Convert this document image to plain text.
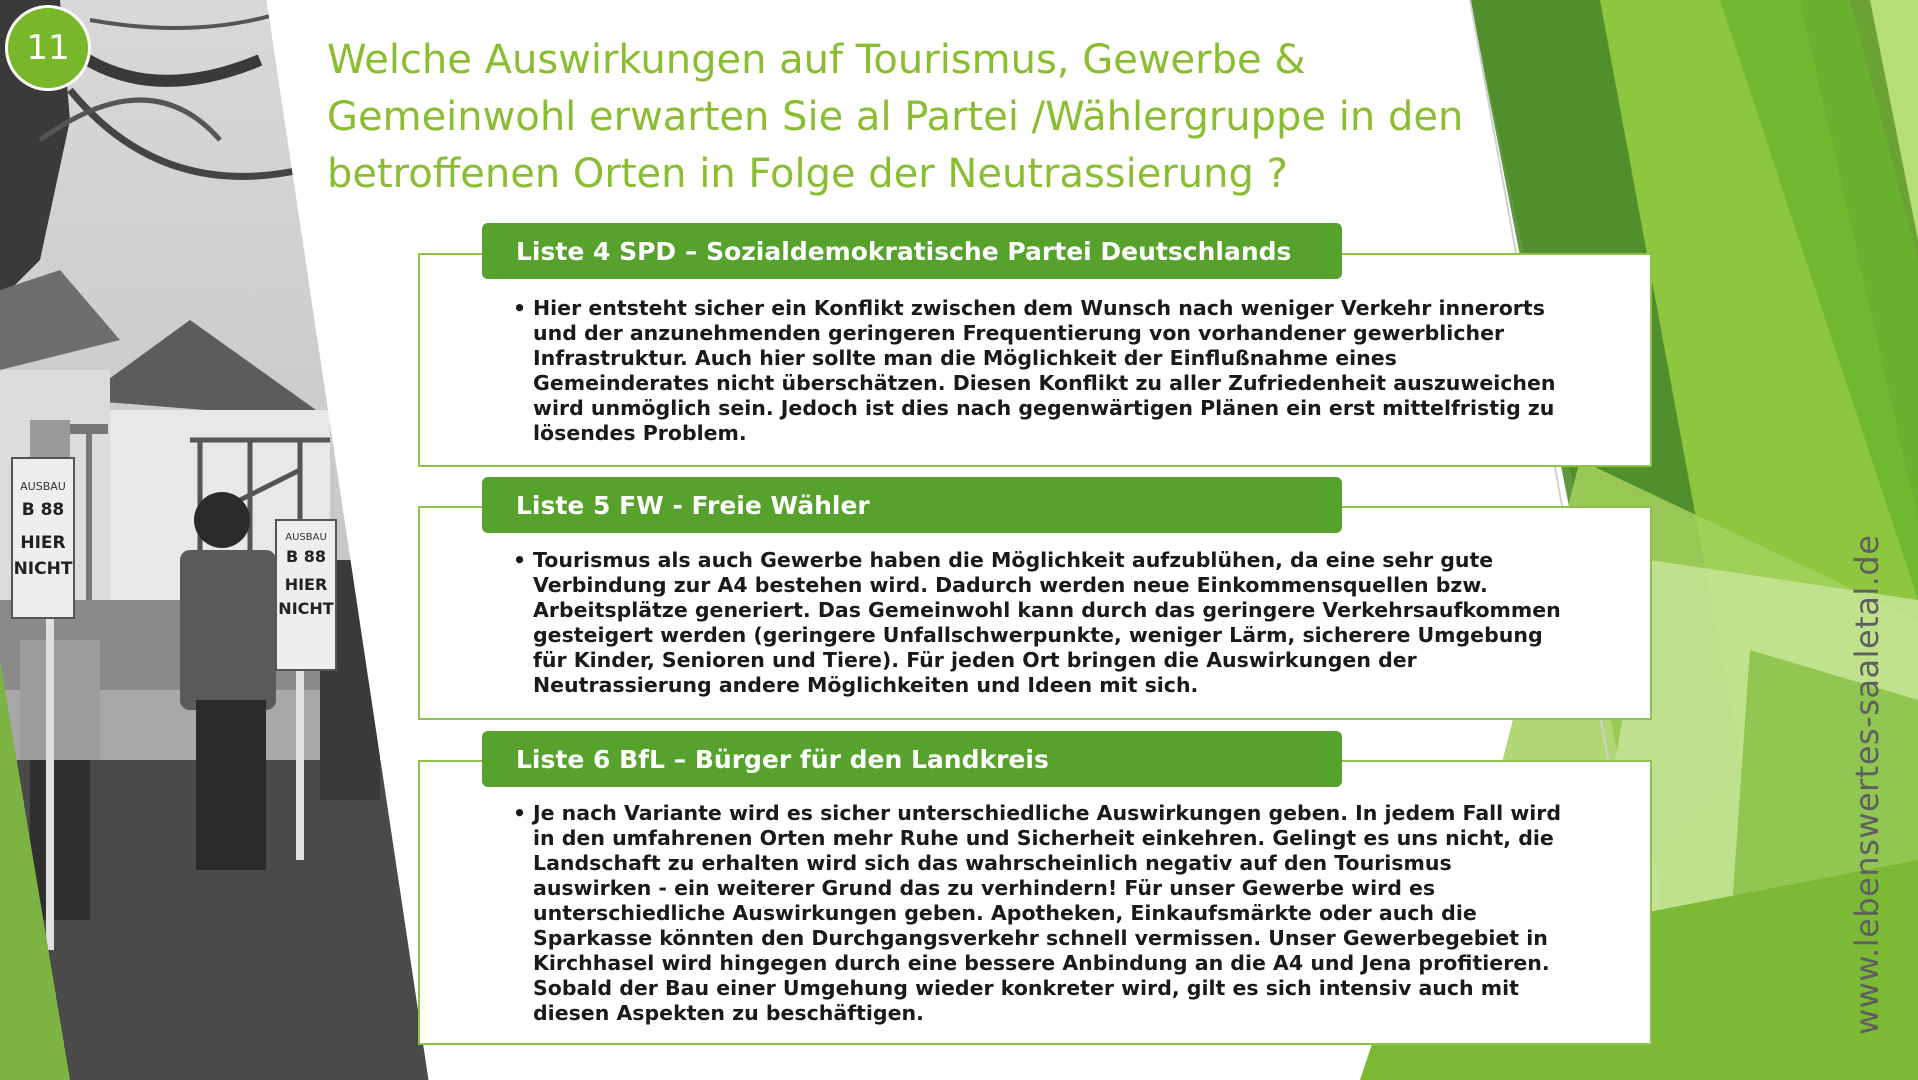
AUSBAU
B 88
HIER
NICHT
AUSBAU
B 88
HIER
NICHT
11	Welche Auswirkungen auf Tourismus, Gewerbe & Gemeinwohl erwarten Sie al Partei /Wählergruppe in den betroffenen Orten in Folge der Neutrassierung ?
Liste 4 SPD – Sozialdemokratische Partei Deutschlands

• Hier entsteht sicher ein Konflikt zwischen dem Wunsch nach weniger Verkehr innerorts und der anzunehmenden geringeren Frequentierung von vorhandener gewerblicher Infrastruktur. Auch hier sollte man die Möglichkeit der Einflußnahme eines Gemeinderates nicht überschätzen. Diesen Konflikt zu aller Zufriedenheit auszuweichen wird unmöglich sein. Jedoch ist dies nach gegenwärtigen Plänen ein erst mittelfristig zu lösendes Problem.

Liste 5 FW - Freie Wähler

• Tourismus als auch Gewerbe haben die Möglichkeit aufzublühen, da eine sehr gute Verbindung zur A4 bestehen wird. Dadurch werden neue Einkommensquellen bzw. Arbeitsplätze generiert. Das Gemeinwohl kann durch das geringere Verkehrsaufkommen gesteigert werden (geringere Unfallschwerpunkte, weniger Lärm, sicherere Umgebung für Kinder, Senioren und Tiere). Für jeden Ort bringen die Auswirkungen der Neutrassierung andere Möglichkeiten und Ideen mit sich.

Liste 6 BfL – Bürger für den Landkreis

• Je nach Variante wird es sicher unterschiedliche Auswirkungen geben. In jedem Fall wird in den umfahrenen Orten mehr Ruhe und Sicherheit einkehren. Gelingt es uns nicht, die Landschaft zu erhalten wird sich das wahrscheinlich negativ auf den Tourismus auswirken - ein weiterer Grund das zu verhindern! Für unser Gewerbe wird es unterschiedliche Auswirkungen geben. Apotheken, Einkaufsmärkte oder auch die Sparkasse könnten den Durchgangsverkehr schnell vermissen. Unser Gewerbegebiet in Kirchhasel wird hingegen durch eine bessere Anbindung an die A4 und Jena profitieren. Sobald der Bau einer Umgehung wieder konkreter wird, gilt es sich intensiv auch mit diesen Aspekten zu beschäftigen.	www.lebenswertes-saaletal.de
